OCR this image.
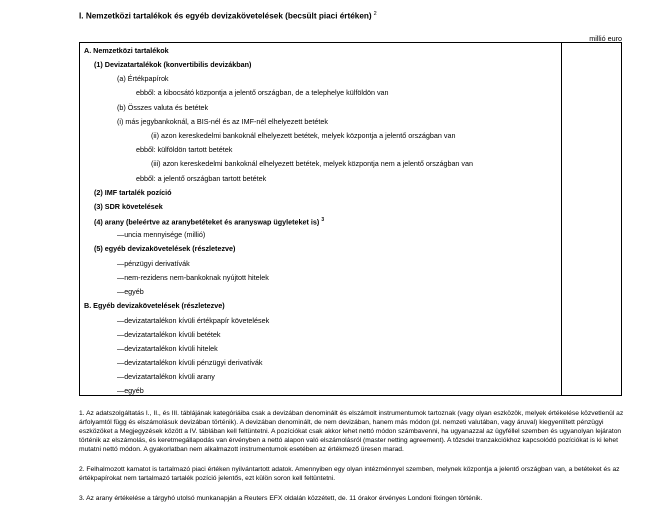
I. Nemzetközi tartalékok és egyéb devizakövetelések (becsült piaci értéken) $^2$
millió euro
A. Nemzetközi tartalékok
(1) Devizatartalékok (konvertibilis devizákban)
(a) Értékpapírok
ebből: a kibocsátó központja a jelentő országban, de a telephelye külföldön van
(b) Összes valuta és betétek
(i) más jegybankoknál, a BIS-nél és az IMF-nél elhelyezett betétek
(ii) azon kereskedelmi bankoknál elhelyezett betétek, melyek központja a jelentő országban van
ebből: külföldön tartott betétek
(iii) azon kereskedelmi bankoknál elhelyezett betétek, melyek központja nem a jelentő országban van
ebből: a jelentő országban tartott betétek
(2) IMF tartalék pozíció
(3) SDR követelések
(4) arany (beleértve az aranybetéteket és aranyswap ügyleteket is) $^3$
—uncia mennyisége (millió)
(5) egyéb devizakövetelések (részletezve)
—pénzügyi derivatívák
—nem-rezidens nem-bankoknak nyújtott hitelek
—egyéb
B. Egyéb devizakövetelések (részletezve)
—devizatartalékon kívüli értékpapír követelések
—devizatartalékon kívüli betétek
—devizatartalékon kívüli hitelek
—devizatartalékon kívüli pénzügyi derivatívák
—devizatartalékon kívüli arany
—egyéb

1. Az adatszolgáltatás I., II., és III. táblájának kategóriáiba csak a devizában denominált és elszámolt instrumentumok tartoznak (vagy olyan eszközök, melyek értékelése közvetlenül az árfolyamtól függ és elszámolásuk devizában történik). A devizában denominált, de nem devizában, hanem más módon (pl. nemzeti valutában, vagy áruval) kiegyenlített pénzügyi eszközöket a Megjegyzések között a IV. táblában kell feltüntetni. A pozíciókat csak akkor lehet nettó módon számbavenni, ha ugyanazzal az ügyféllel szemben és ugyanolyan lejáraton történik az elszámolás, és keretmegállapodás van érvényben a nettó alapon való elszámolásról (master netting agreement). A tőzsdei tranzakciókhoz kapcsolódó pozíciókat is ki lehet mutatni nettó módon. A gyakorlatban nem alkalmazott instrumentumok esetében az értékmező üresen marad.

2. Felhalmozott kamatot is tartalmazó piaci értéken nyilvántartott adatok. Amennyiben egy olyan intézménnyel szemben, melynek központja a jelentő országban van, a betéteket és az értékpapírokat nem tartalmazó tartalék pozíció jelentős, ezt külön soron kell feltüntetni.

3. Az arany értékelése a tárgyhó utolsó munkanapján a Reuters EFX oldalán közzétett, de. 11 órakor érvényes Londoni fixingen történik.
